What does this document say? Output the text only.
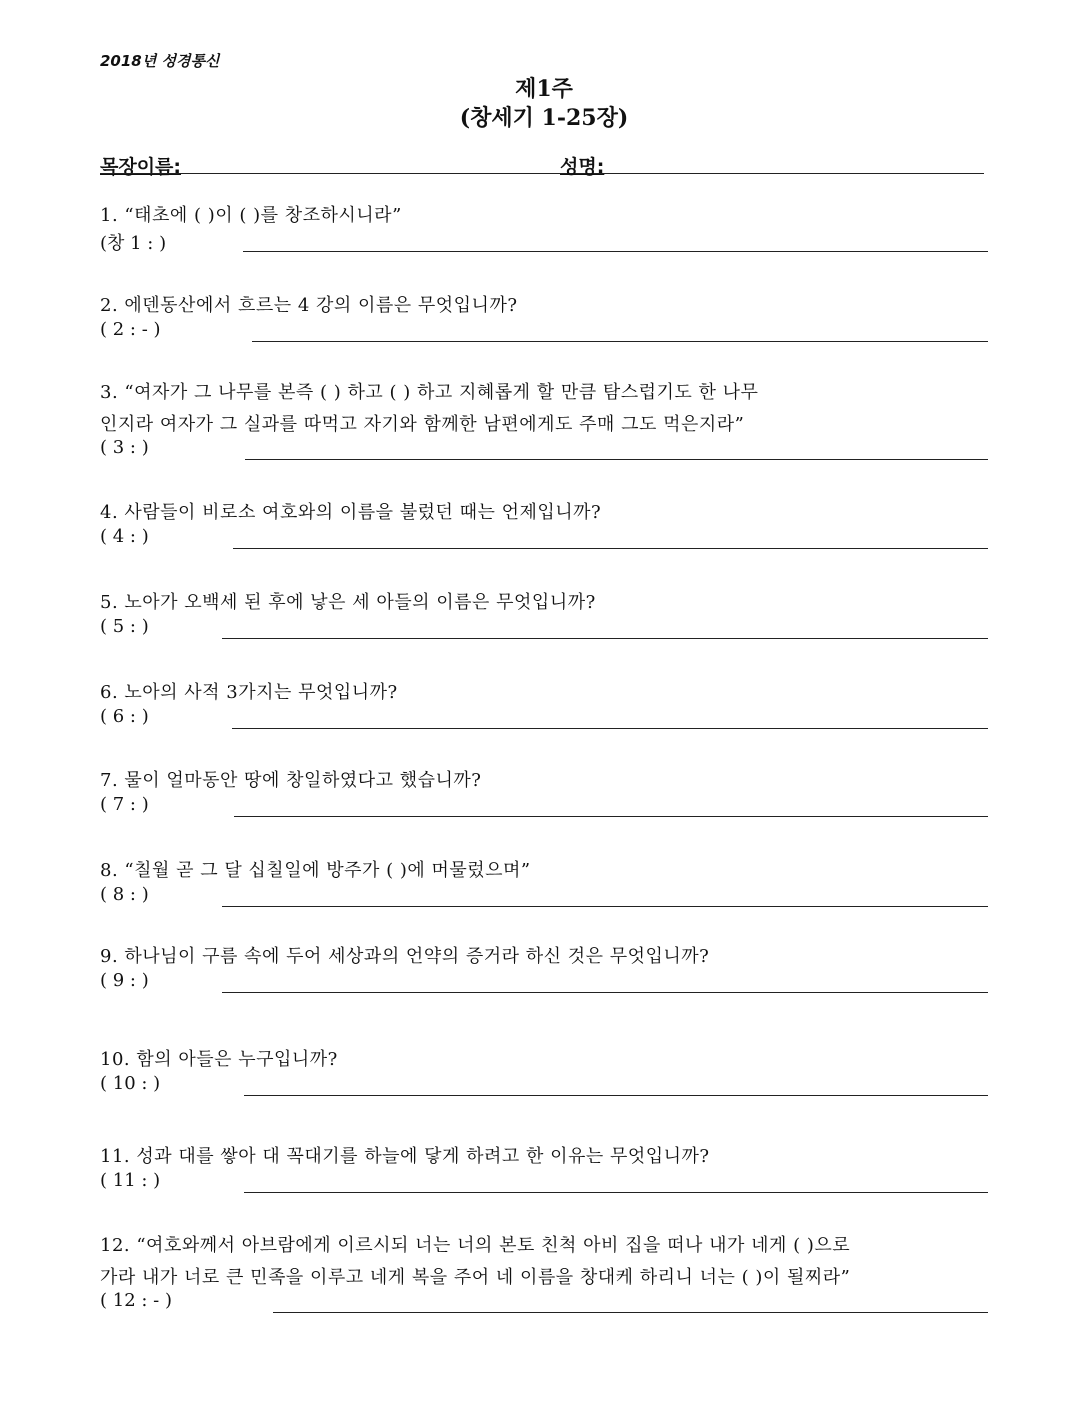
2018년 성경통신
제1주
(창세기 1-25장)
목장이름:	성명:
1. “태초에 ( )이 ( )를 창조하시니라”
(창 1 : )
2. 에덴동산에서 흐르는 4 강의 이름은 무엇입니까?
( 2 : - )
3. “여자가 그 나무를 본즉 ( ) 하고 ( ) 하고 지혜롭게 할 만큼 탐스럽기도 한 나무
인지라 여자가 그 실과를 따먹고 자기와 함께한 남편에게도 주매 그도 먹은지라”
( 3 : )
4. 사람들이 비로소 여호와의 이름을 불렀던 때는 언제입니까?
( 4 : )
5. 노아가 오백세 된 후에 낳은 세 아들의 이름은 무엇입니까?
( 5 : )
6. 노아의 사적 3가지는 무엇입니까?
( 6 : )
7. 물이 얼마동안 땅에 창일하였다고 했습니까?
( 7 : )
8. “칠월 곧 그 달 십칠일에 방주가 ( )에 머물렀으며”
( 8 : )
9. 하나님이 구름 속에 두어 세상과의 언약의 증거라 하신 것은 무엇입니까?
( 9 : )
10. 함의 아들은 누구입니까?
( 10 : )
11. 성과 대를 쌓아 대 꼭대기를 하늘에 닿게 하려고 한 이유는 무엇입니까?
( 11 : )
12. “여호와께서 아브람에게 이르시되 너는 너의 본토 친척 아비 집을 떠나 내가 네게 ( )으로
가라 내가 너로 큰 민족을 이루고 네게 복을 주어 네 이름을 창대케 하리니 너는 ( )이 될찌라”
( 12 : - )
